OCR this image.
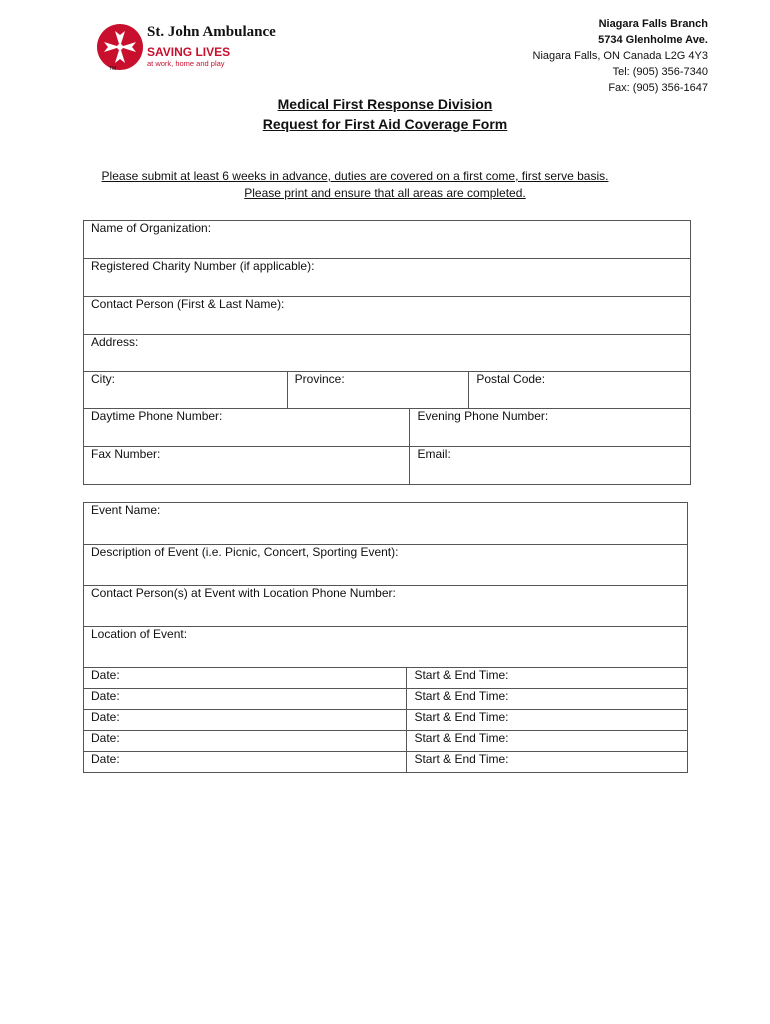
TM
St. John Ambulance
SAVING LIVES
at work, home and play
Niagara Falls Branch
5734 Glenholme Ave.
Niagara Falls, ON Canada L2G 4Y3
Tel: (905) 356-7340
Fax: (905) 356-1647
Medical First Response Division
Request for First Aid Coverage Form
Please submit at least 6 weeks in advance, duties are covered on a first come, first serve basis.
Please print and ensure that all areas are completed.
Name of Organization:			
Registered Charity Number (if applicable):			
Contact Person (First & Last Name):			
Address:			
City:	Province:		Postal Code:
Daytime Phone Number:		Evening Phone Number:	
Fax Number:		Email:	
Event Name:	
Description of Event (i.e. Picnic, Concert, Sporting Event):	
Contact Person(s) at Event with Location Phone Number:	
Location of Event:	
Date:	Start & End Time:
Date:	Start & End Time:
Date:	Start & End Time:
Date:	Start & End Time:
Date:	Start & End Time:
